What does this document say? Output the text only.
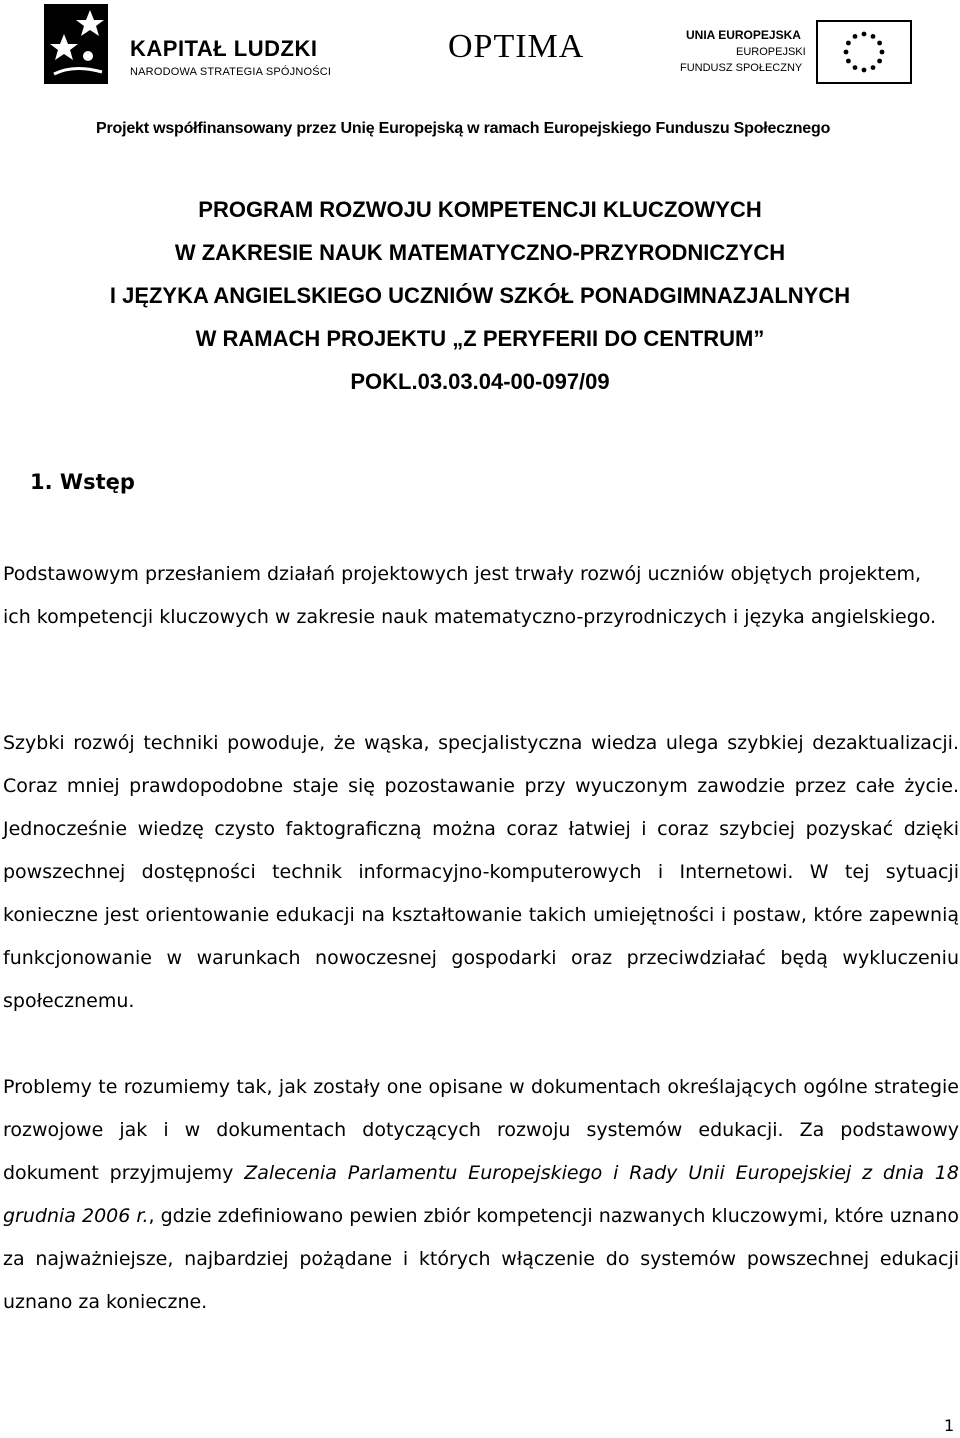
KAPITAŁ LUDZKI
NARODOWA STRATEGIA SPÓJNOŚCI
OPTIMA	UNIA EUROPEJSKA
EUROPEJSKI
FUNDUSZ SPOŁECZNY
Projekt współfinansowany przez Unię Europejską w ramach Europejskiego Funduszu Społecznego
PROGRAM ROZWOJU KOMPETENCJI KLUCZOWYCH
W ZAKRESIE NAUK MATEMATYCZNO-PRZYRODNICZYCH
I JĘZYKA ANGIELSKIEGO UCZNIÓW SZKÓŁ PONADGIMNAZJALNYCH
W RAMACH PROJEKTU „Z PERYFERII DO CENTRUM”
POKL.03.03.04-00-097/09
1. Wstęp

Podstawowym przesłaniem działań projektowych jest trwały rozwój uczniów objętych projektem, ich kompetencji kluczowych w zakresie nauk matematyczno-przyrodniczych i języka angielskiego.

Szybki rozwój techniki powoduje, że wąska, specjalistyczna wiedza ulega szybkiej dezaktualizacji. Coraz mniej prawdopodobne staje się pozostawanie przy wyuczonym zawodzie przez całe życie. Jednocześnie wiedzę czysto faktograficzną można coraz łatwiej i coraz szybciej pozyskać dzięki powszechnej dostępności technik informacyjno-komputerowych i Internetowi. W tej sytuacji konieczne jest orientowanie edukacji na kształtowanie takich umiejętności i postaw, które zapewnią funkcjonowanie w warunkach nowoczesnej gospodarki oraz przeciwdziałać będą wykluczeniu społecznemu.

Problemy te rozumiemy tak, jak zostały one opisane w dokumentach określających ogólne strategie rozwojowe jak i w dokumentach dotyczących rozwoju systemów edukacji. Za podstawowy dokument przyjmujemy Zalecenia Parlamentu Europejskiego i Rady Unii Europejskiej z dnia 18 grudnia 2006 r., gdzie zdefiniowano pewien zbiór kompetencji nazwanych kluczowymi, które uznano za najważniejsze, najbardziej pożądane i których włączenie do systemów powszechnej edukacji uznano za konieczne.

1
